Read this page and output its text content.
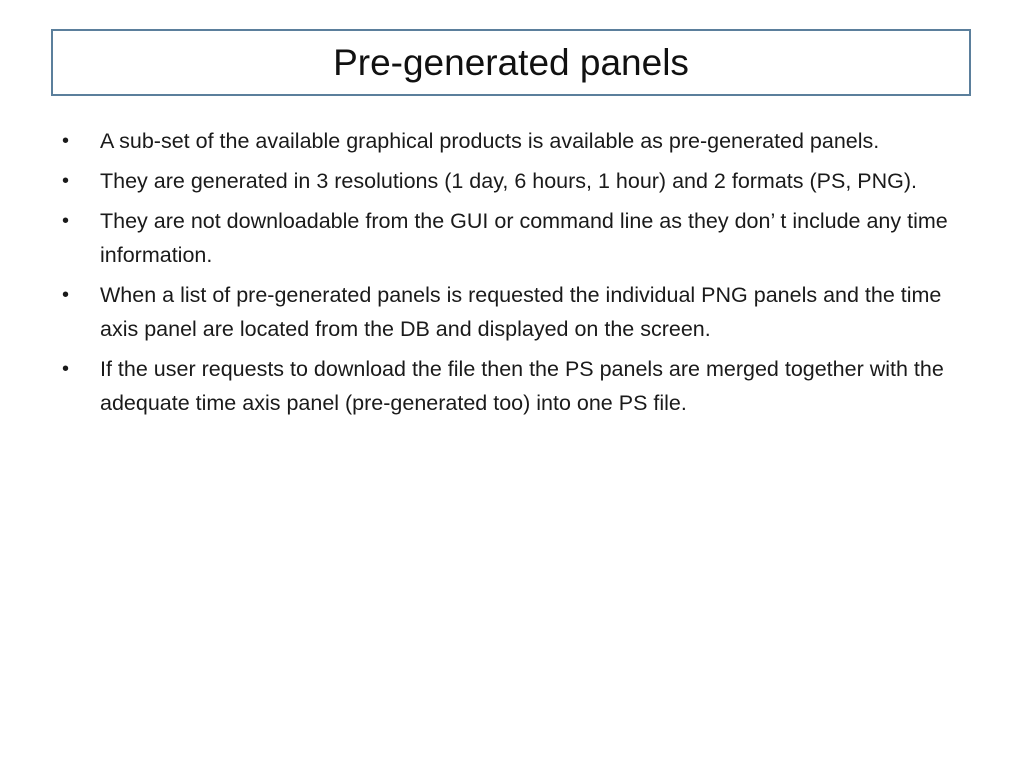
Pre-generated panels
• A sub-set of the available graphical products is available as pre-generated panels.
• They are generated in 3 resolutions (1 day, 6 hours, 1 hour) and 2 formats (PS, PNG).
• They are not downloadable from the GUI or command line as they don’ t include any time information.
• When a list of pre-generated panels is requested the individual PNG panels and the time axis panel are located from the DB and displayed on the screen.
• If the user requests to download the file then the PS panels are merged together with the adequate time axis panel (pre-generated too) into one PS file.
